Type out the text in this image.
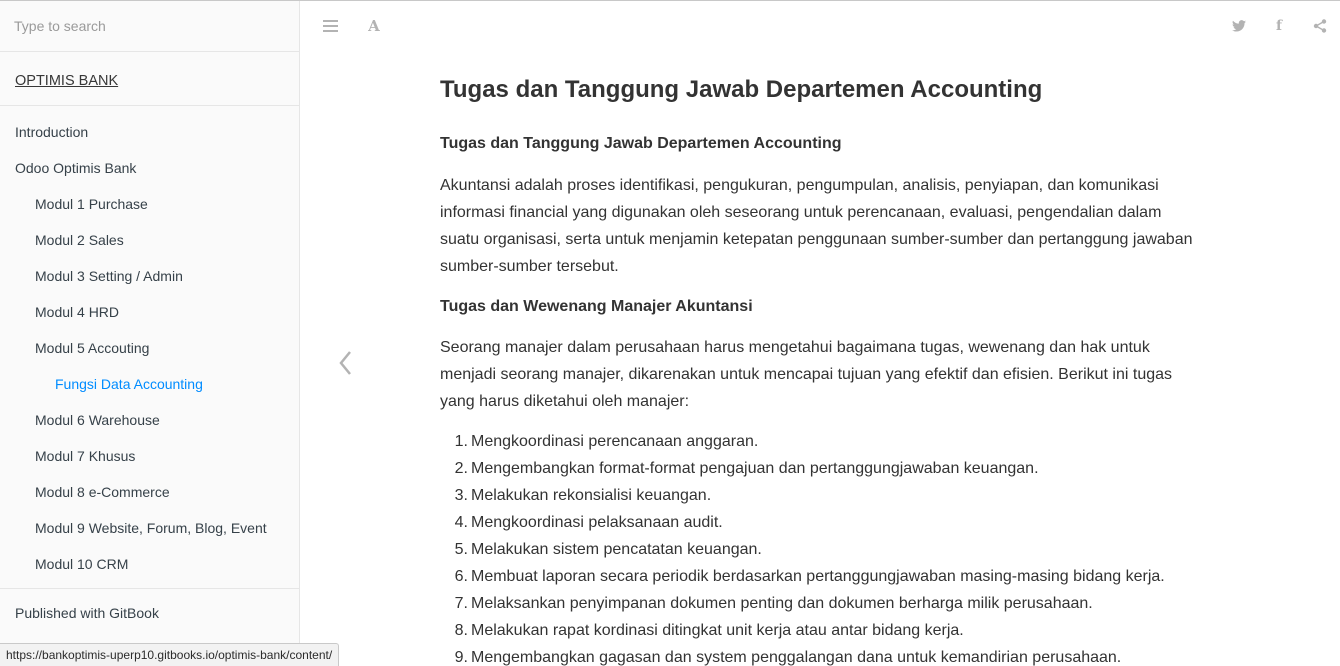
Type to search
OPTIMIS BANK
Introduction
Odoo Optimis Bank
Modul 1 Purchase
Modul 2 Sales
Modul 3 Setting / Admin
Modul 4 HRD
Modul 5 Accouting
Fungsi Data Accounting
Modul 6 Warehouse
Modul 7 Khusus
Modul 8 e-Commerce
Modul 9 Website, Forum, Blog, Event
Modul 10 CRM
Published with GitBook
https://bankoptimis-uperp10.gitbooks.io/optimis-bank/content/
A	f
Tugas dan Tanggung Jawab Departemen Accounting
Tugas dan Tanggung Jawab Departemen Accounting

Akuntansi adalah proses identifikasi, pengukuran, pengumpulan, analisis, penyiapan, dan komunikasi informasi financial yang digunakan oleh seseorang untuk perencanaan, evaluasi, pengendalian dalam suatu organisasi, serta untuk menjamin ketepatan penggunaan sumber-sumber dan pertanggung jawaban sumber-sumber tersebut.

Tugas dan Wewenang Manajer Akuntansi

Seorang manajer dalam perusahaan harus mengetahui bagaimana tugas, wewenang dan hak untuk menjadi seorang manajer, dikarenakan untuk mencapai tujuan yang efektif dan efisien. Berikut ini tugas yang harus diketahui oleh manajer:

1. Mengkoordinasi perencanaan anggaran.
2. Mengembangkan format-format pengajuan dan pertanggungjawaban keuangan.
3. Melakukan rekonsialisi keuangan.
4. Mengkoordinasi pelaksanaan audit.
5. Melakukan sistem pencatatan keuangan.
6. Membuat laporan secara periodik berdasarkan pertanggungjawaban masing-masing bidang kerja.
7. Melaksankan penyimpanan dokumen penting dan dokumen berharga milik perusahaan.
8. Melakukan rapat kordinasi ditingkat unit kerja atau antar bidang kerja.
9. Mengembangkan gagasan dan system penggalangan dana untuk kemandirian perusahaan.
